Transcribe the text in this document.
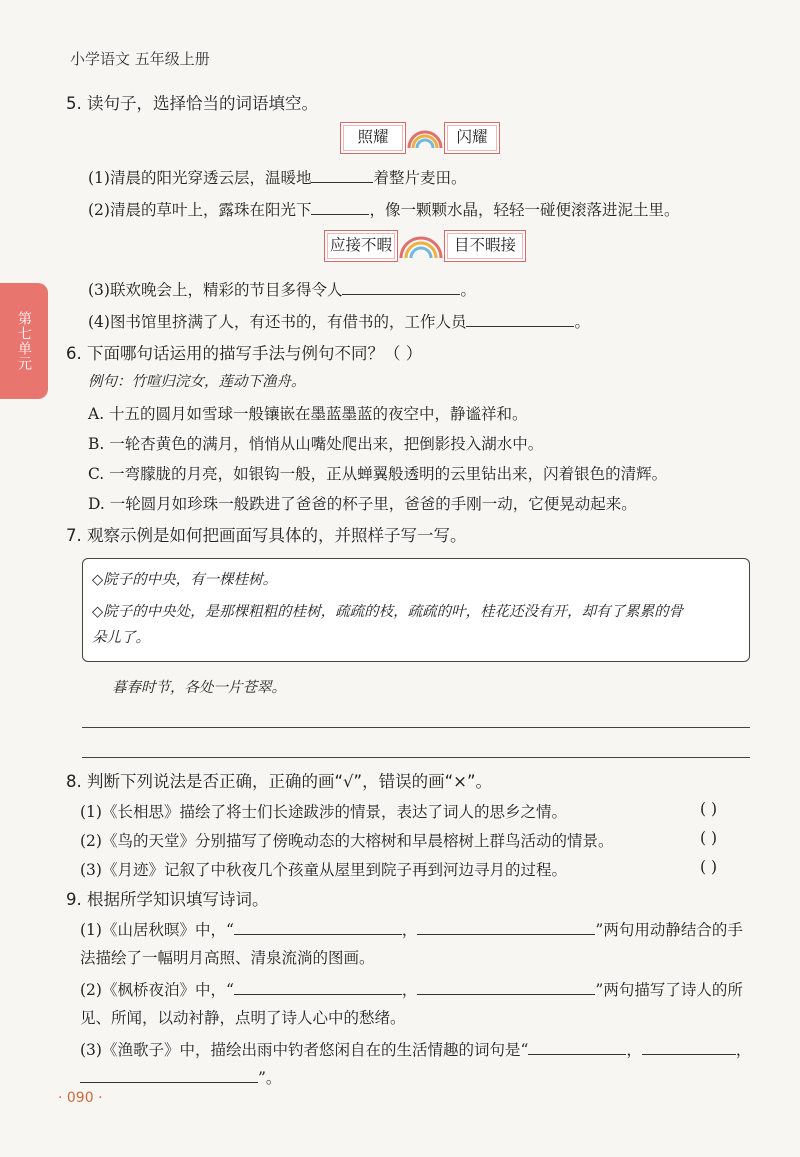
小学语文 五年级上册
第七单元
5. 读句子，选择恰当的词语填空。
照耀	闪耀
(1)清晨的阳光穿透云层，温暖地	着整片麦田。
(2)清晨的草叶上，露珠在阳光下	，像一颗颗水晶，轻轻一碰便滚落进泥土里。
应接不暇	目不暇接
(3)联欢晚会上，精彩的节目多得令人	。
(4)图书馆里挤满了人，有还书的，有借书的，工作人员	。
6. 下面哪句话运用的描写手法与例句不同？（ ）
例句：竹喧归浣女，莲动下渔舟。
A. 十五的圆月如雪球一般镶嵌在墨蓝墨蓝的夜空中，静谧祥和。
B. 一轮杏黄色的满月，悄悄从山嘴处爬出来，把倒影投入湖水中。
C. 一弯朦胧的月亮，如银钩一般，正从蝉翼般透明的云里钻出来，闪着银色的清辉。
D. 一轮圆月如珍珠一般跌进了爸爸的杯子里，爸爸的手刚一动，它便晃动起来。
7. 观察示例是如何把画面写具体的，并照样子写一写。
◇院子的中央，有一棵桂树。
◇院子的中央处，是那棵粗粗的桂树，疏疏的枝，疏疏的叶，桂花还没有开，却有了累累的骨
朵儿了。
暮春时节，各处一片苍翠。
8. 判断下列说法是否正确，正确的画“√”，错误的画“×”。
(1)《长相思》描绘了将士们长途跋涉的情景，表达了词人的思乡之情。	( )
(2)《鸟的天堂》分别描写了傍晚动态的大榕树和早晨榕树上群鸟活动的情景。	( )
(3)《月迹》记叙了中秋夜几个孩童从屋里到院子再到河边寻月的过程。	( )
9. 根据所学知识填写诗词。
(1)《山居秋暝》中，“	，	”两句用动静结合的手
法描绘了一幅明月高照、清泉流淌的图画。
(2)《枫桥夜泊》中，“	，	”两句描写了诗人的所
见、所闻，以动衬静，点明了诗人心中的愁绪。
(3)《渔歌子》中，描绘出雨中钓者悠闲自在的生活情趣的词句是“	，	，
”。
· 090 ·
